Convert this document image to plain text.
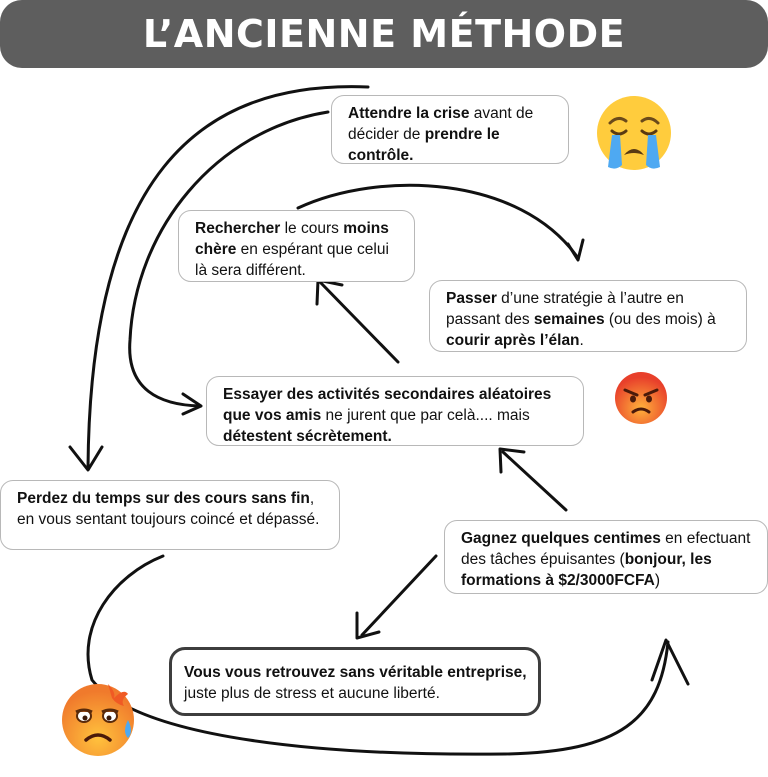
L’ANCIENNE MÉTHODE
Attendre la crise avant de décider de prendre le contrôle.
Rechercher le cours moins chère en espérant que celui là sera différent.
Passer d’une stratégie à l’autre en passant des semaines (ou des mois) à courir après l’élan.
Essayer des activités secondaires aléatoires que vos amis ne jurent que par celà.... mais détestent sécrètement.
Perdez du temps sur des cours sans fin, en vous sentant toujours coincé et dépassé.
Gagnez quelques centimes en efectuant des tâches épuisantes (bonjour, les formations à $2/3000FCFA)
Vous vous retrouvez sans véritable entreprise, juste plus de stress et aucune liberté.
